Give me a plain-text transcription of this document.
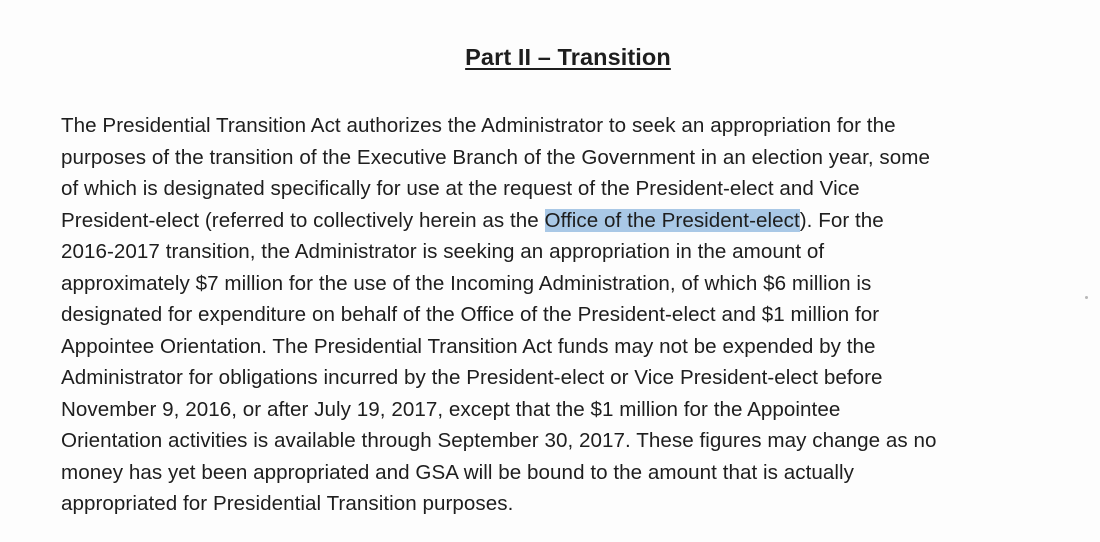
Part II – Transition
The Presidential Transition Act authorizes the Administrator to seek an appropriation for the
purposes of the transition of the Executive Branch of the Government in an election year, some
of which is designated specifically for use at the request of the President-elect and Vice
President-elect (referred to collectively herein as the Office of the President-elect). For the
2016-2017 transition, the Administrator is seeking an appropriation in the amount of
approximately $7 million for the use of the Incoming Administration, of which $6 million is
designated for expenditure on behalf of the Office of the President-elect and $1 million for
Appointee Orientation. The Presidential Transition Act funds may not be expended by the
Administrator for obligations incurred by the President-elect or Vice President-elect before
November 9, 2016, or after July 19, 2017, except that the $1 million for the Appointee
Orientation activities is available through September 30, 2017. These figures may change as no
money has yet been appropriated and GSA will be bound to the amount that is actually
appropriated for Presidential Transition purposes.
